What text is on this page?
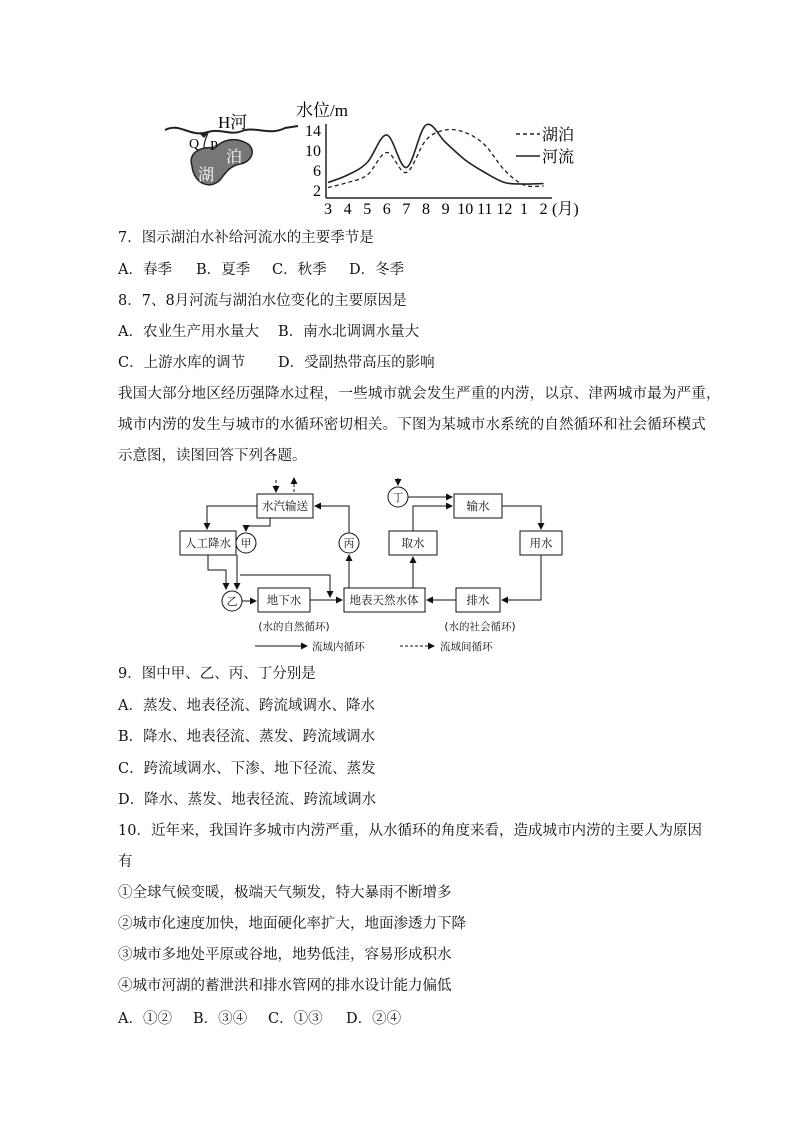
H河
Q P
泊
湖
水位/m
2
6
10
14
3 4 5 6 7 8 9 10 11 12 1 2 (月)
湖泊
河流
7．图示湖泊水补给河流水的主要季节是
A．春季 B．夏季 C．秋季 D．冬季
8．7、8月河流与湖泊水位变化的主要原因是
A．农业生产用水量大 B．南水北调调水量大
C．上游水库的调节 D．受副热带高压的影响
我国大部分地区经历强降水过程，一些城市就会发生严重的内涝，以京、津两城市最为严重，
城市内涝的发生与城市的水循环密切相关。下图为某城市水系统的自然循环和社会循环模式
示意图，读图回答下列各题。
水汽输送
人工降水
地下水	地表天然水体
输水
取水	用水
排水
甲
乙
丙
丁
(水的自然循环)	(水的社会循环)
流域内循环	流域间循环
9．图中甲、乙、丙、丁分别是
A．蒸发、地表径流、跨流域调水、降水
B．降水、地表径流、蒸发、跨流域调水
C．跨流域调水、下渗、地下径流、蒸发
D．降水、蒸发、地表径流、跨流域调水
10．近年来，我国许多城市内涝严重，从水循环的角度来看，造成城市内涝的主要人为原因
有
①全球气候变暖，极端天气频发，特大暴雨不断增多
②城市化速度加快，地面硬化率扩大，地面渗透力下降
③城市多地处平原或谷地，地势低洼，容易形成积水
④城市河湖的蓄泄洪和排水管网的排水设计能力偏低
A．①② B．③④ C．①③ D．②④
